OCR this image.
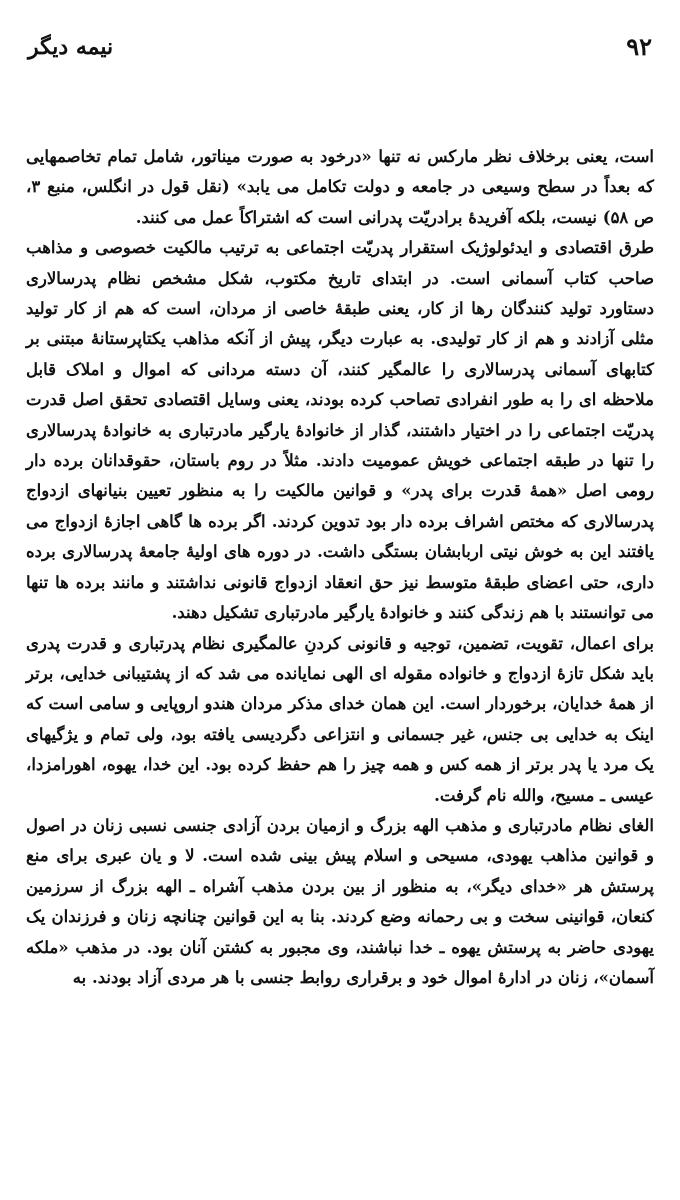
۹۲
نیمه دیگر

است، یعنی برخلاف نظر مارکس نه تنها «درخود به صورت میناتور، شامل تمام تخاصمهایی که بعداً در سطح وسیعی در جامعه و دولت تکامل می یابد» (نقل قول در انگلس، منبع ۳، ص ۵۸) نیست، بلکه آفریدهٔ برادریّت پدرانی است که اشتراکاً عمل می کنند.

طرق اقتصادی و ایدئولوژیک استقرار پدریّت اجتماعی به ترتیب مالکیت خصوصی و مذاهب صاحب کتاب آسمانی است. در ابتدای تاریخ مکتوب، شکل مشخص نظام پدرسالاری دستاورد تولید کنندگان رها از کار، یعنی طبقهٔ خاصی از مردان، است که هم از کار تولید مثلی آزادند و هم از کار تولیدی. به عبارت دیگر، پیش از آنکه مذاهب یکتاپرستانهٔ مبتنی بر کتابهای آسمانی پدرسالاری را عالمگیر کنند، آن دسته مردانی که اموال و املاک قابل ملاحظه ای را به طور انفرادی تصاحب کرده بودند، یعنی وسایل اقتصادی تحقق اصل قدرت پدریّت اجتماعی را در اختیار داشتند، گذار از خانوادهٔ یارگیر مادرتباری به خانوادهٔ پدرسالاری را تنها در طبقه اجتماعی خویش عمومیت دادند. مثلاً در روم باستان، حقوقدانان برده دار رومی اصل «همهٔ قدرت برای پدر» و قوانین مالکیت را به منظور تعیین بنیانهای ازدواج پدرسالاری که مختص اشراف برده دار بود تدوین کردند. اگر برده ها گاهی اجازهٔ ازدواج می یافتند این به خوش نیتی اربابشان بستگی داشت. در دوره های اولیهٔ جامعهٔ پدرسالاری برده داری، حتی اعضای طبقهٔ متوسط نیز حق انعقاد ازدواج قانونی نداشتند و مانند برده ها تنها می توانستند با هم زندگی کنند و خانوادهٔ یارگیر مادرتباری تشکیل دهند.

برای اعمال، تقویت، تضمین، توجیه و قانونی کردنِ عالمگیری نظام پدرتباری و قدرت پدری باید شکل تازهٔ ازدواج و خانواده مقوله ای الهی نمایانده می شد که از پشتیبانی خدایی، برتر از همهٔ خدایان، برخوردار است. این همان خدای مذکر مردان هندو اروپایی و سامی است که اینک به خدایی بی جنس، غیر جسمانی و انتزاعی دگردیسی یافته بود، ولی تمام و یژگیهای یک مرد یا پدر برتر از همه کس و همه چیز را هم حفظ کرده بود. این خدا، یهوه، اهورامزدا، عیسی ـ مسیح، والله نام گرفت.

الغای نظام مادرتباری و مذهب الهه بزرگ و ازمیان بردن آزادی جنسی نسبی زنان در اصول و قوانین مذاهب یهودی، مسیحی و اسلام پیش بینی شده است. لا و یان عبری برای منع پرستش هر «خدای دیگر»، به منظور از بین بردن مذهب آشراه ـ الهه بزرگ از سرزمین کنعان، قوانینی سخت و بی رحمانه وضع کردند. بنا به این قوانین چنانچه زنان و فرزندان یک یهودی حاضر به پرستش یهوه ـ خدا نباشند، وی مجبور به کشتن آنان بود. در مذهب «ملکه آسمان»، زنان در ادارهٔ اموال خود و برقراری روابط جنسی با هر مردی آزاد بودند. به
